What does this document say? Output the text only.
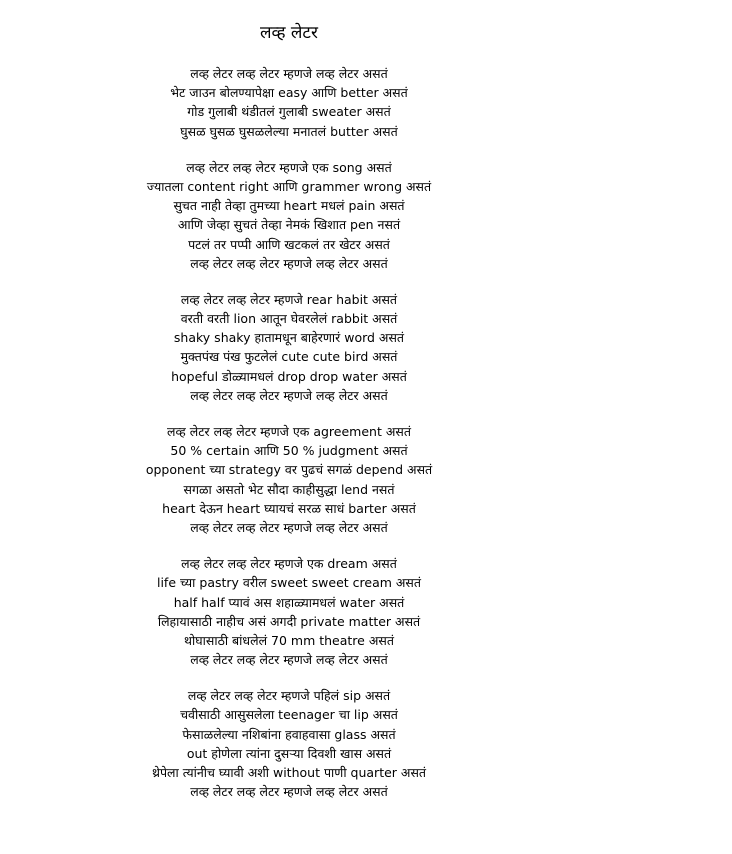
लव्ह लेटर
लव्ह लेटर लव्ह लेटर म्हणजे लव्ह लेटर असतं
भेट जाउन बोलण्यापेक्षा easy आणि better असतं
गोड गुलाबी थंडीतलं गुलाबी sweater असतं
घुसळ घुसळ घुसळलेल्या मनातलं butter असतं
लव्ह लेटर लव्ह लेटर म्हणजे एक song असतं
ज्यातला content right आणि grammer wrong असतं
सुचत नाही तेव्हा तुमच्या heart मधलं pain असतं
आणि जेव्हा सुचतं तेव्हा नेमकं खिशात pen नसतं
पटलं तर पप्पी आणि खटकलं तर खेटर असतं
लव्ह लेटर लव्ह लेटर म्हणजे लव्ह लेटर असतं
लव्ह लेटर लव्ह लेटर म्हणजे rear habit असतं
वरती वरती lion आतून घेवरलेलं rabbit असतं
shaky shaky हातामधून बाहेरणारं word असतं
मुक्तपंख पंख फुटलेलं cute cute bird असतं
hopeful डोळ्यामधलं drop drop water असतं
लव्ह लेटर लव्ह लेटर म्हणजे लव्ह लेटर असतं
लव्ह लेटर लव्ह लेटर म्हणजे एक agreement असतं
50 % certain आणि 50 % judgment असतं
opponent च्या strategy वर पुढचं सगळं depend असतं
सगळा असतो भेट सौदा काहीसुद्धा lend नसतं
heart देऊन heart घ्यायचं सरळ साधं barter असतं
लव्ह लेटर लव्ह लेटर म्हणजे लव्ह लेटर असतं
लव्ह लेटर लव्ह लेटर म्हणजे एक dream असतं
life च्या pastry वरील sweet sweet cream असतं
half half प्यावं अस शहाळ्यामधलं water असतं
लिहायासाठी नाहीच असं अगदी private matter असतं
थोघासाठी बांधलेलं 70 mm theatre असतं
लव्ह लेटर लव्ह लेटर म्हणजे लव्ह लेटर असतं
लव्ह लेटर लव्ह लेटर म्हणजे पहिलं sip असतं
चवीसाठी आसुसलेला teenager चा lip असतं
फेसाळलेल्या नशिबांना हवाहवासा glass असतं
out होणेला त्यांना दुसऱ्या दिवशी खास असतं
थ्रेपेला त्यांनीच घ्यावी अशी without पाणी quarter असतं
लव्ह लेटर लव्ह लेटर म्हणजे लव्ह लेटर असतं
